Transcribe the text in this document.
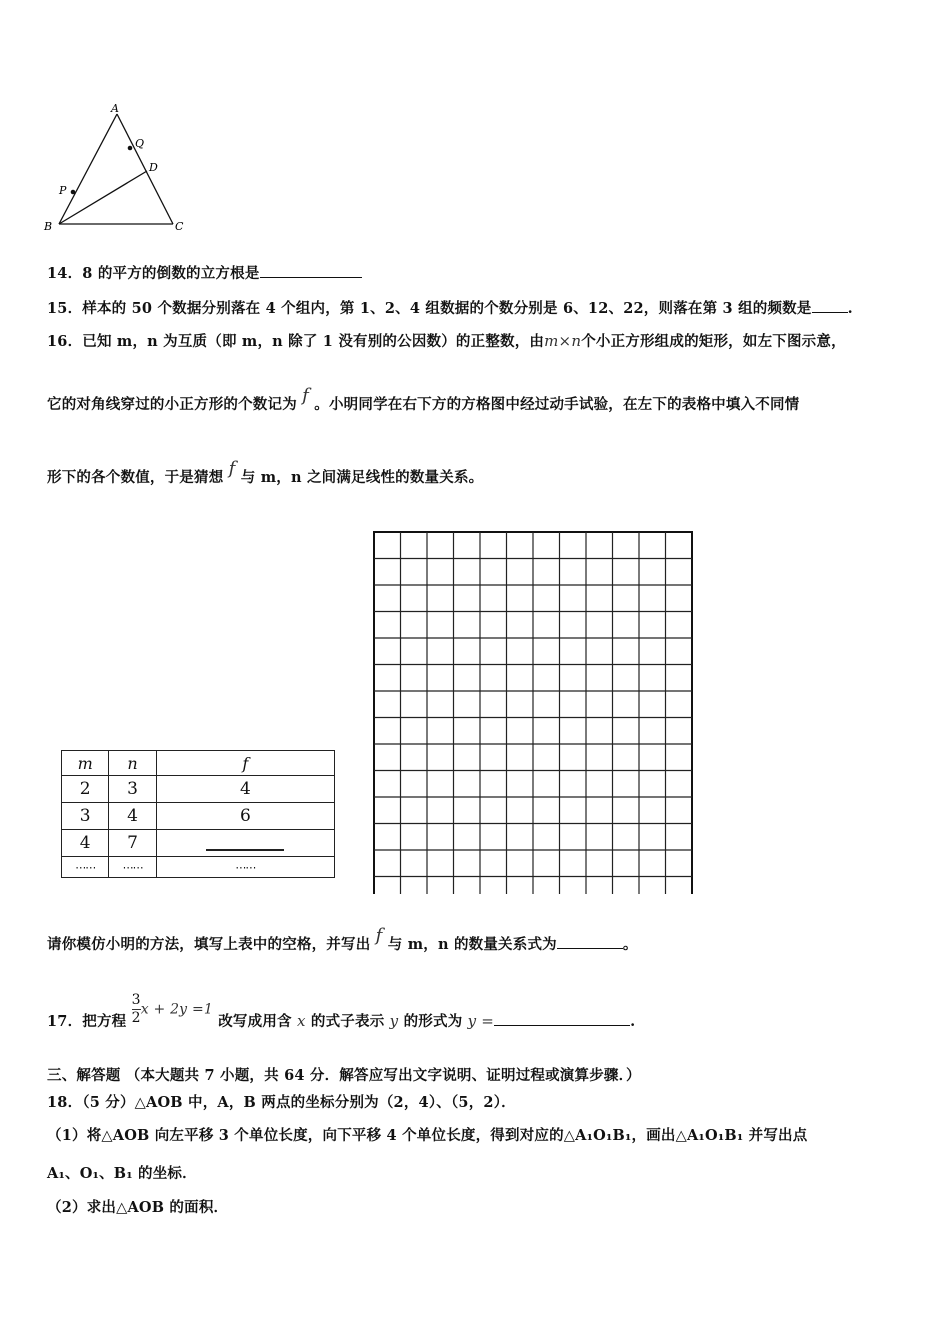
A
Q
D
P
B	C
14．8 的平方的倒数的立方根是
15．样本的 50 个数据分别落在 4 个组内，第 1、2、4 组数据的个数分别是 6、12、22，则落在第 3 组的频数是 .
16．已知 m，n 为互质（即 m，n 除了 1 没有别的公因数）的正整数，由m×n个小正方形组成的矩形，如左下图示意，
它的对角线穿过的小正方形的个数记为 f 。小明同学在右下方的方格图中经过动手试验，在左下的表格中填入不同情
形下的各个数值，于是猜想 f 与 m，n 之间满足线性的数量关系。
m	n	f
2	3	4
3	4	6
4	7	

⋯⋯	⋯⋯	⋯⋯
请你模仿小明的方法，填写上表中的空格，并写出 f 与 m，n 的数量关系式为	。
17．把方程 $\frac{3}{2}$ x + 2y =1 改写成用含 x 的式子表示 y 的形式为 y =	.
三、解答题 （本大题共 7 小题，共 64 分．解答应写出文字说明、证明过程或演算步骤．）
18．（5 分）△AOB 中，A，B 两点的坐标分别为（2，4）、（5，2）．
（1）将△AOB 向左平移 3 个单位长度，向下平移 4 个单位长度，得到对应的△A₁O₁B₁，画出△A₁O₁B₁ 并写出点
A₁、O₁、B₁ 的坐标．
（2）求出△AOB 的面积．
